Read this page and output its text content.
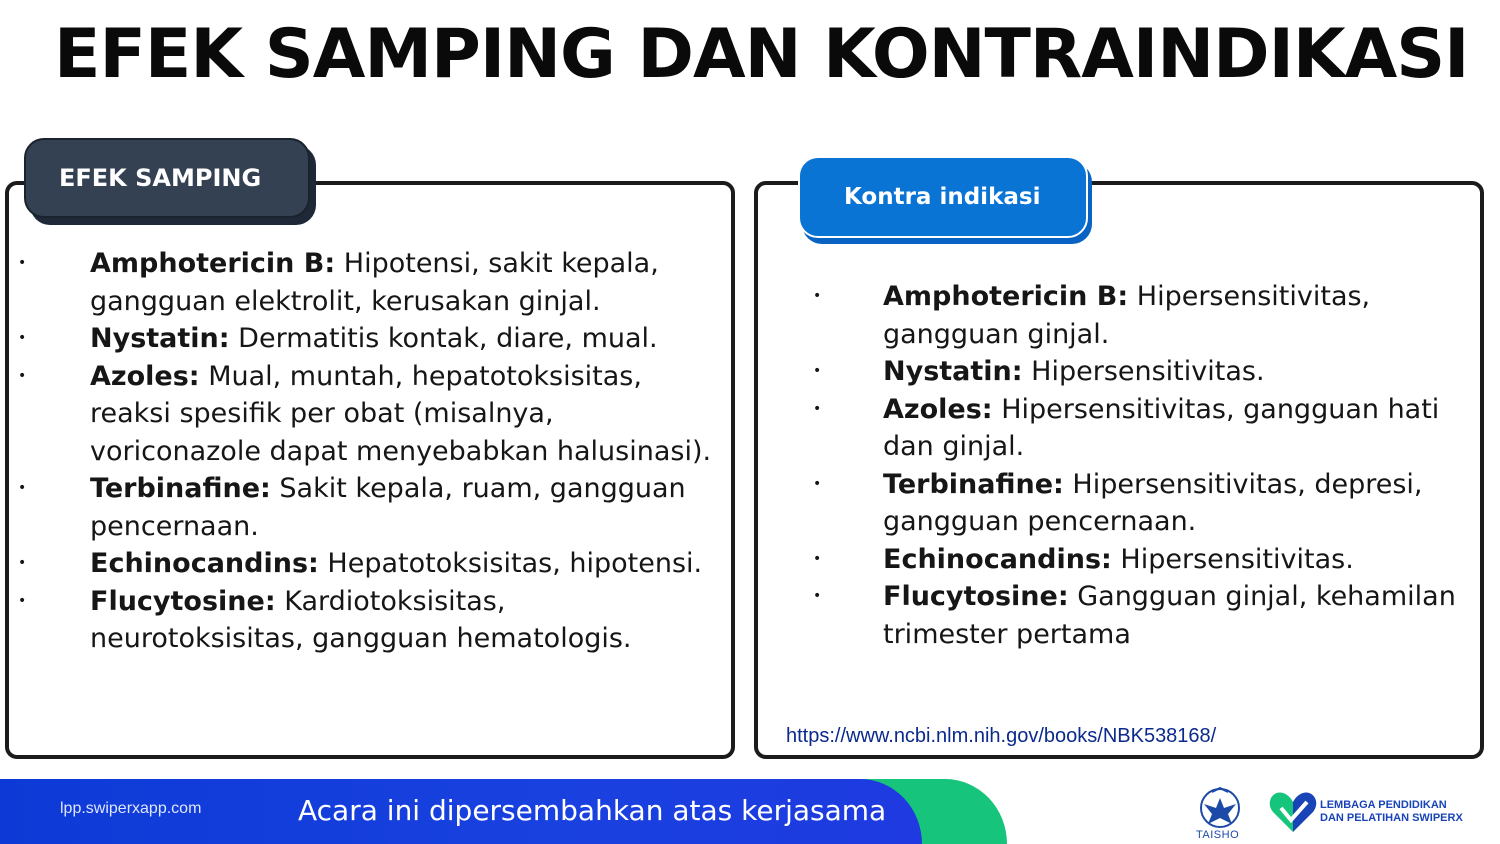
EFEK SAMPING DAN KONTRAINDIKASI
EFEK SAMPING
• Amphotericin B: Hipotensi, sakit kepala, gangguan elektrolit, kerusakan ginjal.
• Nystatin: Dermatitis kontak, diare, mual.
• Azoles: Mual, muntah, hepatotoksisitas, reaksi spesifik per obat (misalnya, voriconazole dapat menyebabkan halusinasi).
• Terbinafine: Sakit kepala, ruam, gangguan pencernaan.
• Echinocandins: Hepatotoksisitas, hipotensi.
• Flucytosine: Kardiotoksisitas, neurotoksisitas, gangguan hematologis.
Kontra indikasi
• Amphotericin B: Hipersensitivitas, gangguan ginjal.
• Nystatin: Hipersensitivitas.
• Azoles: Hipersensitivitas, gangguan hati dan ginjal.
• Terbinafine: Hipersensitivitas, depresi, gangguan pencernaan.
• Echinocandins: Hipersensitivitas.
• Flucytosine: Gangguan ginjal, kehamilan trimester pertama
https://www.ncbi.nlm.nih.gov/books/NBK538168/
lpp.swiperxapp.com	Acara ini dipersembahkan atas kerjasama
TAISHO
LEMBAGA PENDIDIKAN
DAN PELATIHAN SWIPERX
